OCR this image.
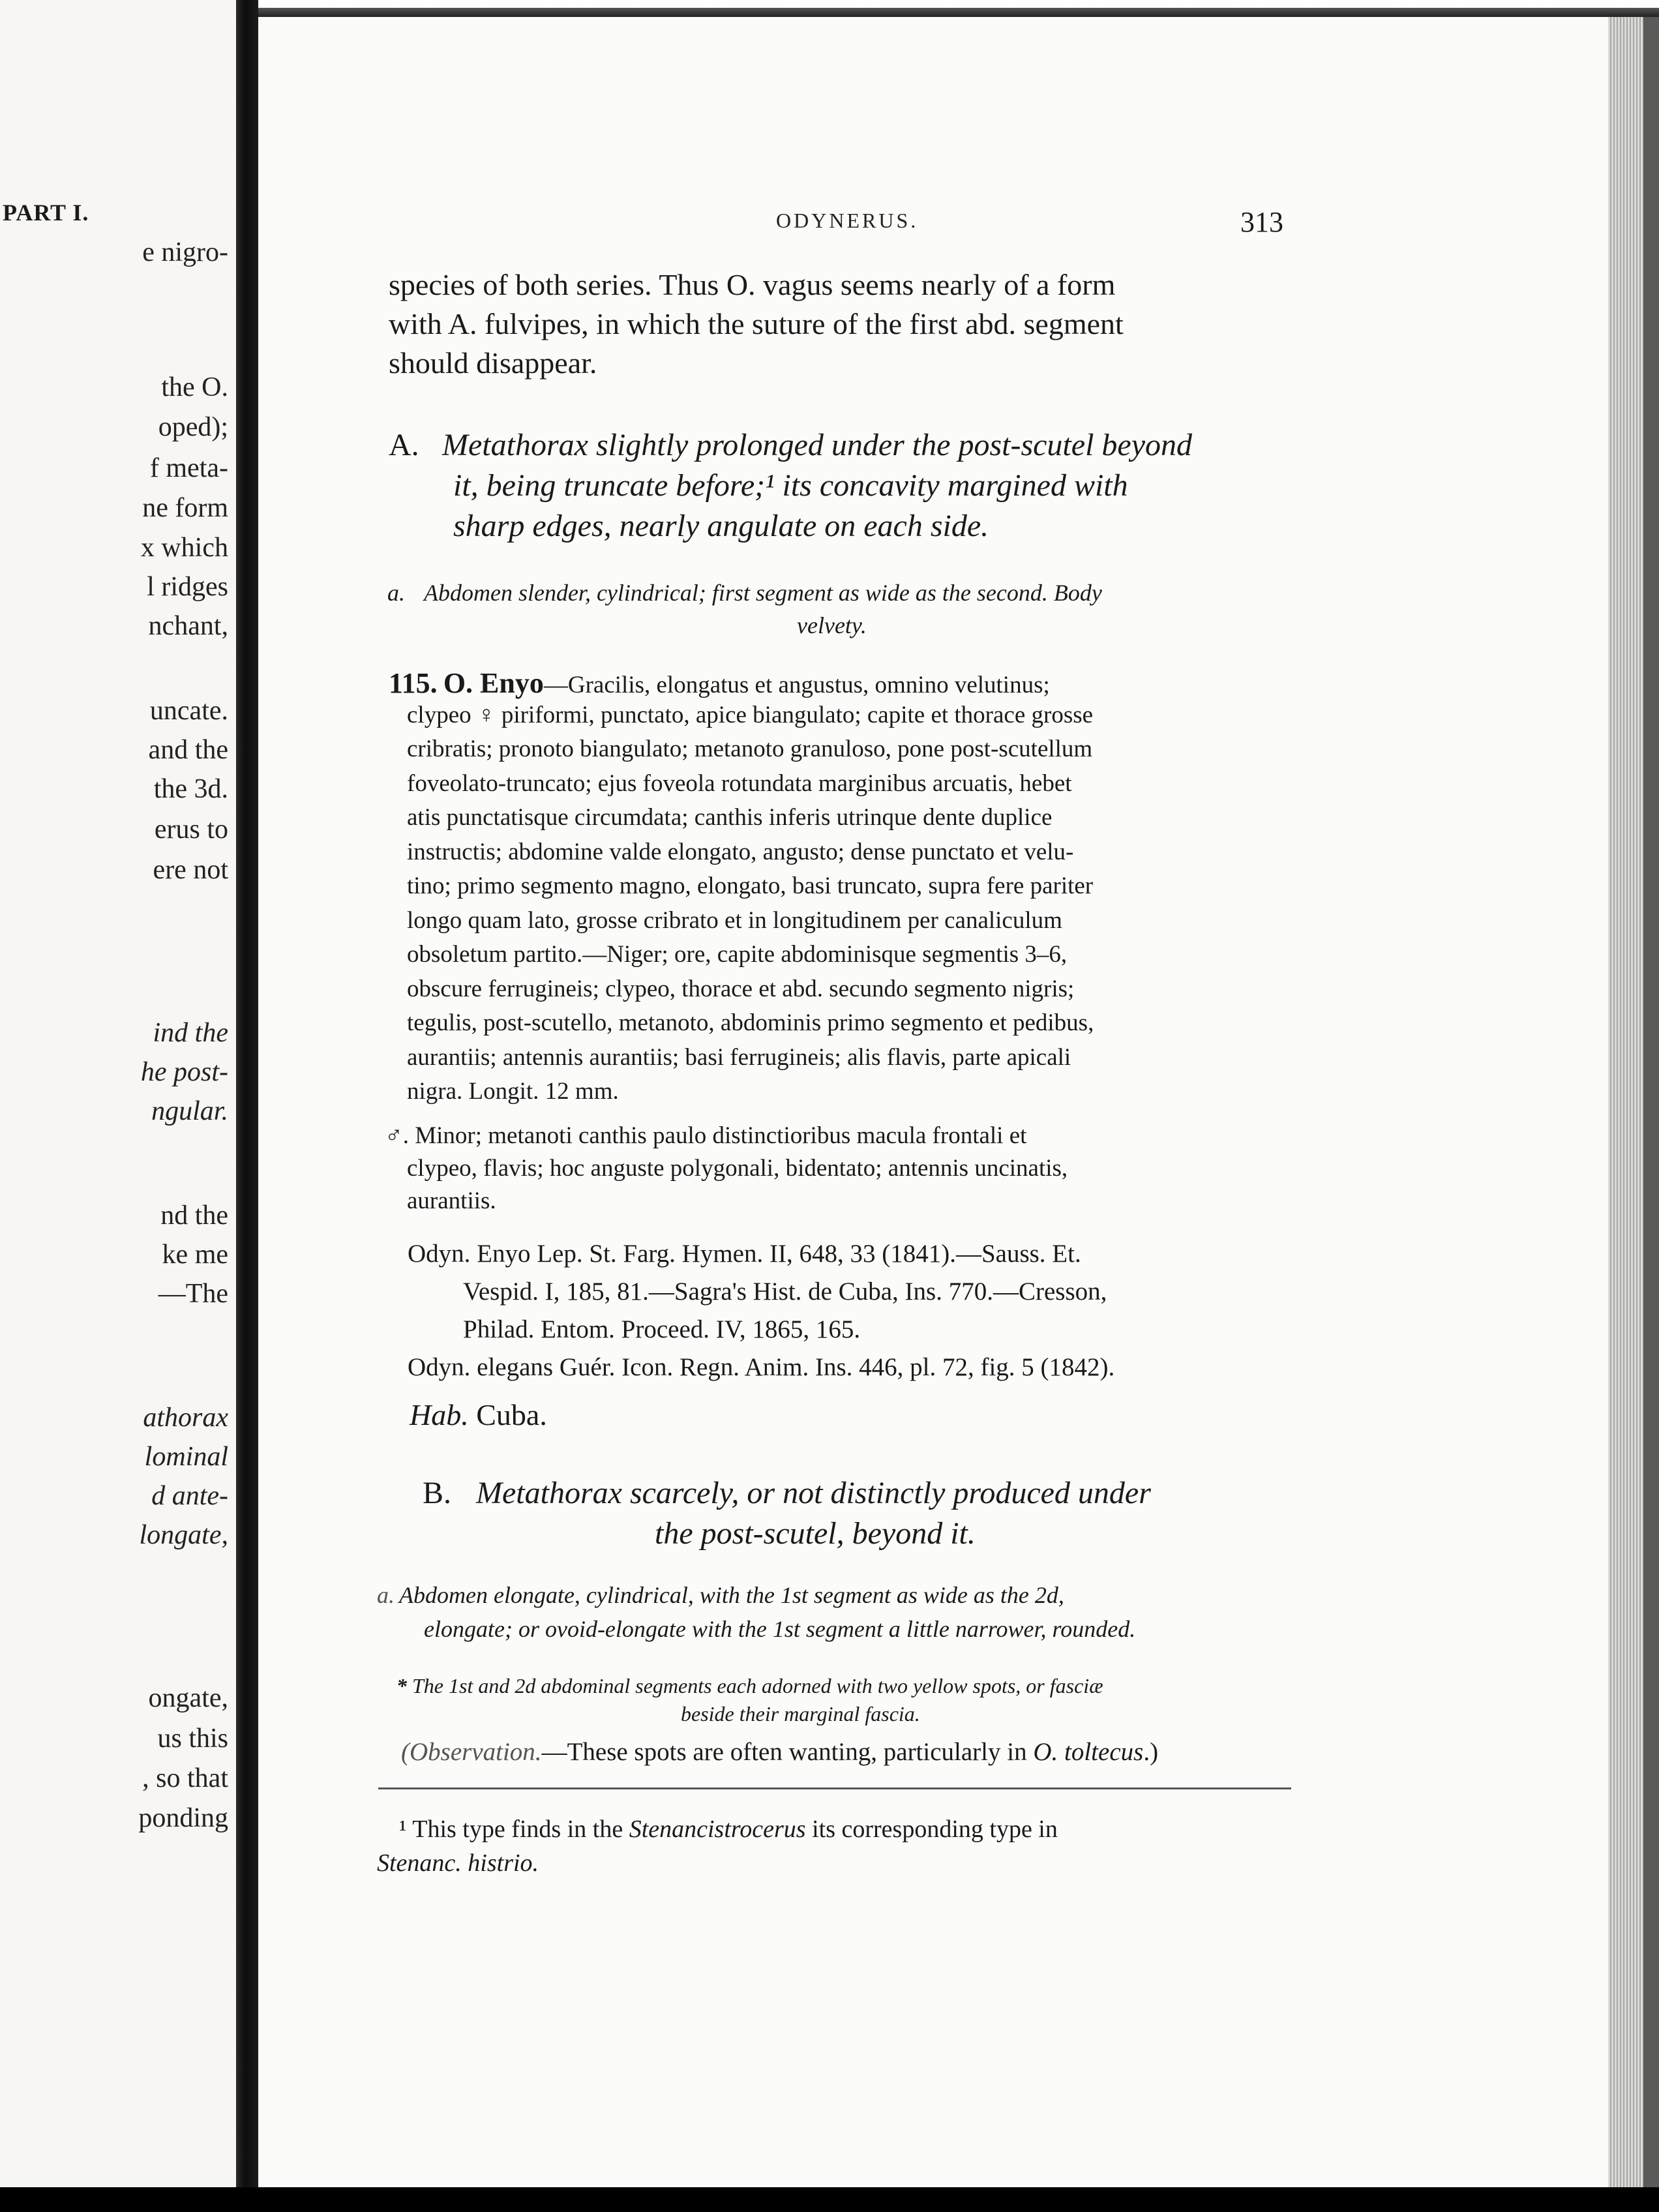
PART I.
e nigro-
the O.
oped);
f meta-
ne form
x which
l ridges
nchant,
uncate.
and the
the 3d.
erus to
ere not
ind the
he post-
ngular.
nd the
ke me
—The
athorax
lominal
d ante-
longate,
ongate,
us this
, so that
ponding
ODYNERUS.	313
species of both series. Thus O. vagus seems nearly of a form
with A. fulvipes, in which the suture of the first abd. segment
should disappear.
A. Metathorax slightly prolonged under the post-scutel beyond
it, being truncate before;¹ its concavity margined with
sharp edges, nearly angulate on each side.
a. Abdomen slender, cylindrical; first segment as wide as the second. Body
velvety.
115. O. Enyo—Gracilis, elongatus et angustus, omnino velutinus;
clypeo ♀ piriformi, punctato, apice biangulato; capite et thorace grosse
cribratis; pronoto biangulato; metanoto granuloso, pone post-scutellum
foveolato-truncato; ejus foveola rotundata marginibus arcuatis, hebet
atis punctatisque circumdata; canthis inferis utrinque dente duplice
instructis; abdomine valde elongato, angusto; dense punctato et velu-
tino; primo segmento magno, elongato, basi truncato, supra fere pariter
longo quam lato, grosse cribrato et in longitudinem per canaliculum
obsoletum partito.—Niger; ore, capite abdominisque segmentis 3–6,
obscure ferrugineis; clypeo, thorace et abd. secundo segmento nigris;
tegulis, post-scutello, metanoto, abdominis primo segmento et pedibus,
aurantiis; antennis aurantiis; basi ferrugineis; alis flavis, parte apicali
nigra. Longit. 12 mm.
♂. Minor; metanoti canthis paulo distinctioribus macula frontali et
clypeo, flavis; hoc anguste polygonali, bidentato; antennis uncinatis,
aurantiis.
Odyn. Enyo Lep. St. Farg. Hymen. II, 648, 33 (1841).—Sauss. Et.
Vespid. I, 185, 81.—Sagra's Hist. de Cuba, Ins. 770.—Cresson,
Philad. Entom. Proceed. IV, 1865, 165.
Odyn. elegans Guér. Icon. Regn. Anim. Ins. 446, pl. 72, fig. 5 (1842).
Hab. Cuba.
B. Metathorax scarcely, or not distinctly produced under
the post-scutel, beyond it.
a. Abdomen elongate, cylindrical, with the 1st segment as wide as the 2d,
elongate; or ovoid-elongate with the 1st segment a little narrower, rounded.
* The 1st and 2d abdominal segments each adorned with two yellow spots, or fasciæ
beside their marginal fascia.
(Observation.—These spots are often wanting, particularly in O. toltecus.)
¹ This type finds in the Stenancistrocerus its corresponding type in
Stenanc. histrio.
